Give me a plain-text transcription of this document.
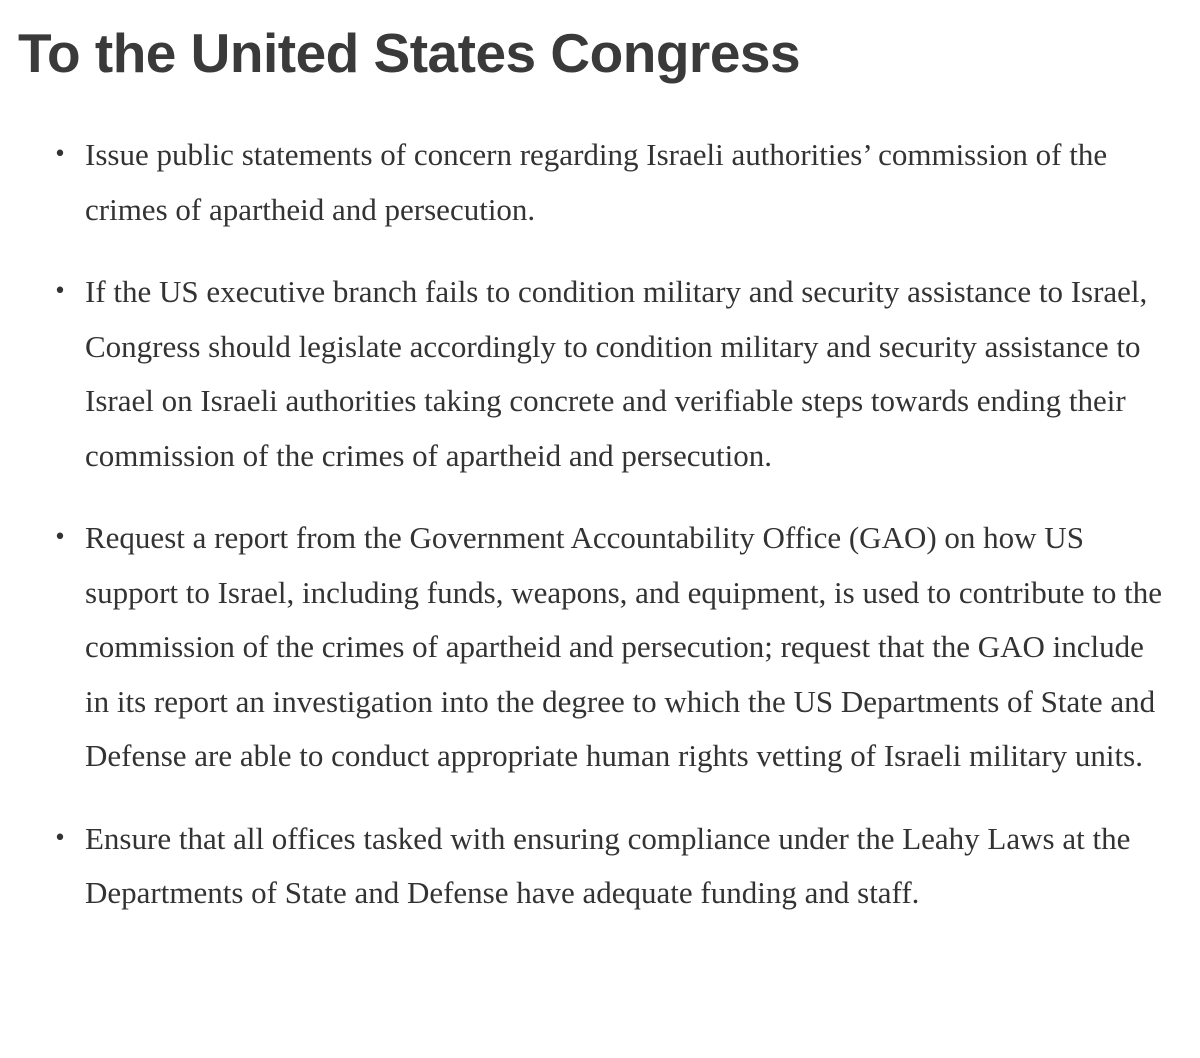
To the United States Congress
• Issue public statements of concern regarding Israeli authorities’ commission of the crimes of apartheid and persecution.
• If the US executive branch fails to condition military and security assistance to Israel, Congress should legislate accordingly to condition military and security assistance to Israel on Israeli authorities taking concrete and verifiable steps towards ending their commission of the crimes of apartheid and persecution.
• Request a report from the Government Accountability Office (GAO) on how US support to Israel, including funds, weapons, and equipment, is used to contribute to the commission of the crimes of apartheid and persecution; request that the GAO include in its report an investigation into the degree to which the US Departments of State and Defense are able to conduct appropriate human rights vetting of Israeli military units.
• Ensure that all offices tasked with ensuring compliance under the Leahy Laws at the Departments of State and Defense have adequate funding and staff.
